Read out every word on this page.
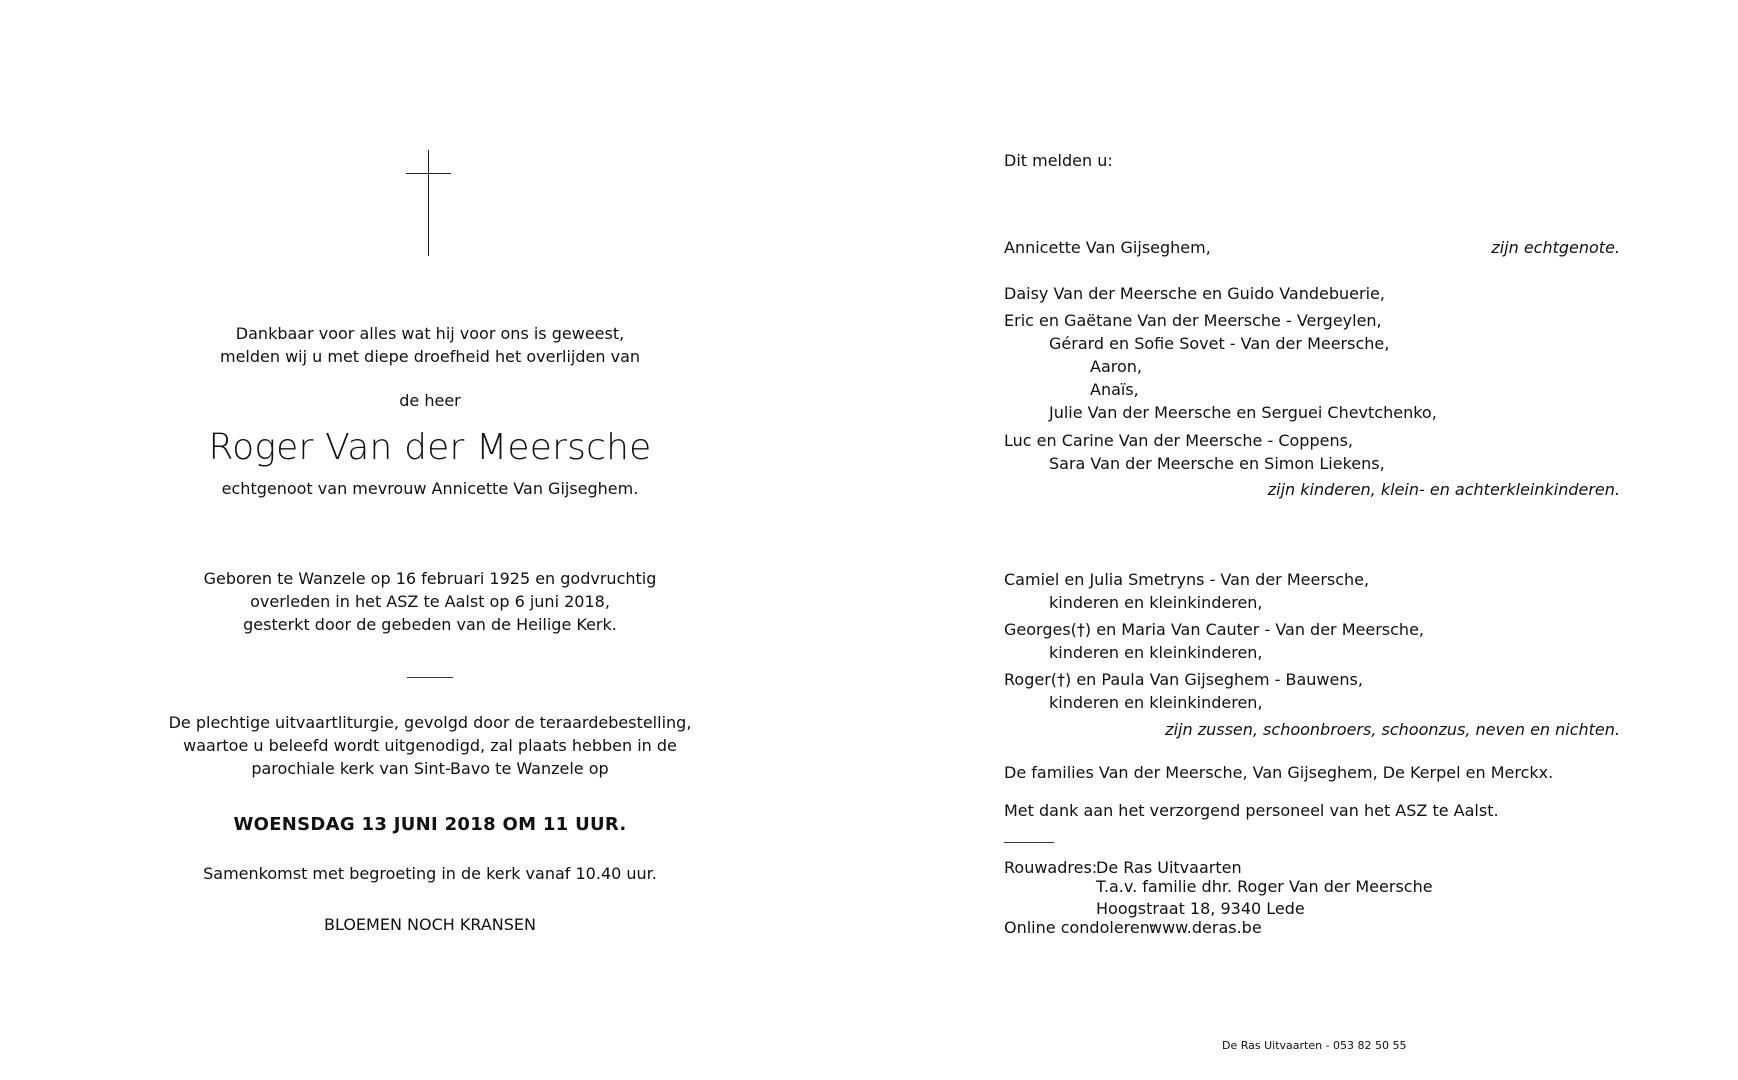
Dankbaar voor alles wat hij voor ons is geweest,
melden wij u met diepe droefheid het overlijden van
de heer
Roger Van der Meersche
echtgenoot van mevrouw Annicette Van Gijseghem.
Geboren te Wanzele op 16 februari 1925 en godvruchtig
overleden in het ASZ te Aalst op 6 juni 2018,
gesterkt door de gebeden van de Heilige Kerk.
De plechtige uitvaartliturgie, gevolgd door de teraardebestelling,
waartoe u beleefd wordt uitgenodigd, zal plaats hebben in de
parochiale kerk van Sint-Bavo te Wanzele op
WOENSDAG 13 JUNI 2018 OM 11 UUR.
Samenkomst met begroeting in de kerk vanaf 10.40 uur.
BLOEMEN NOCH KRANSEN
Dit melden u:
Annicette Van Gijseghem,	zijn echtgenote.
Daisy Van der Meersche en Guido Vandebuerie,
Eric en Gaëtane Van der Meersche - Vergeylen,
Gérard en Sofie Sovet - Van der Meersche,
Aaron,
Anaïs,
Julie Van der Meersche en Serguei Chevtchenko,
Luc en Carine Van der Meersche - Coppens,
Sara Van der Meersche en Simon Liekens,
zijn kinderen, klein- en achterkleinkinderen.
Camiel en Julia Smetryns - Van der Meersche,
kinderen en kleinkinderen,
Georges(†) en Maria Van Cauter - Van der Meersche,
kinderen en kleinkinderen,
Roger(†) en Paula Van Gijseghem - Bauwens,
kinderen en kleinkinderen,
zijn zussen, schoonbroers, schoonzus, neven en nichten.
De families Van der Meersche, Van Gijseghem, De Kerpel en Merckx.
Met dank aan het verzorgend personeel van het ASZ te Aalst.
Rouwadres:
De Ras Uitvaarten
T.a.v. familie dhr. Roger Van der Meersche
Hoogstraat 18, 9340 Lede
Online condoleren:
www.deras.be
De Ras Uitvaarten - 053 82 50 55
